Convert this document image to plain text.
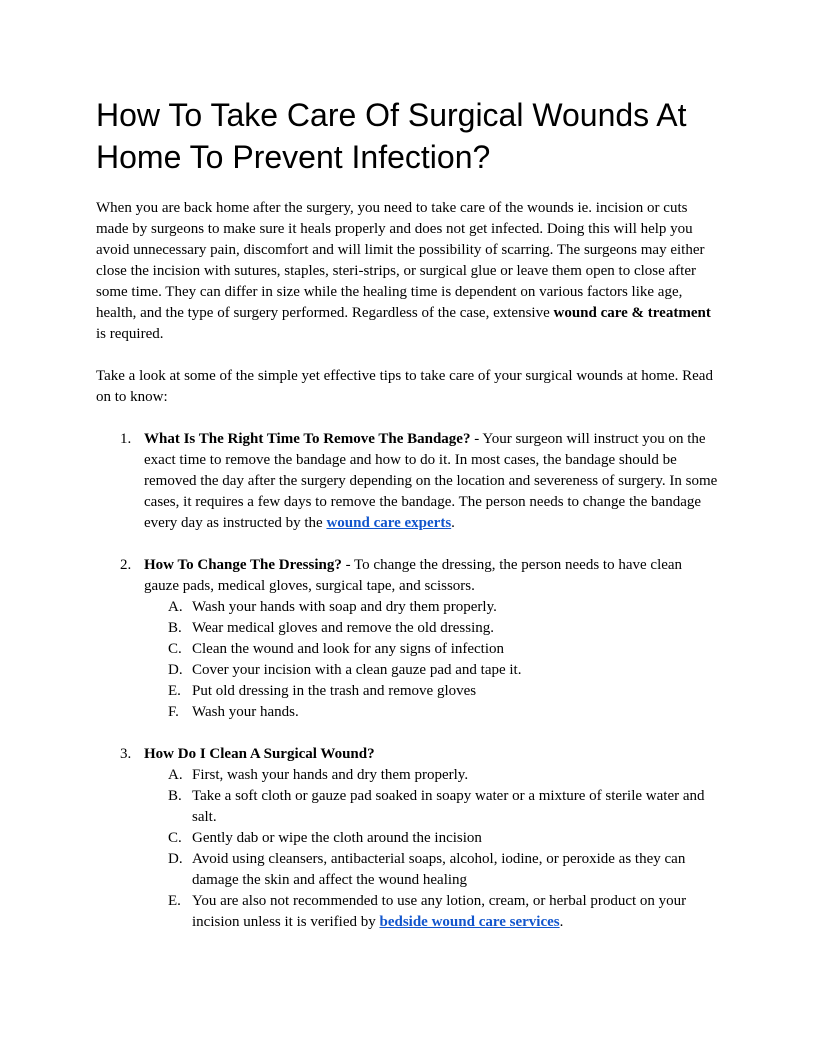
How To Take Care Of Surgical Wounds At Home To Prevent Infection?

When you are back home after the surgery, you need to take care of the wounds ie. incision or cuts made by surgeons to make sure it heals properly and does not get infected. Doing this will help you avoid unnecessary pain, discomfort and will limit the possibility of scarring. The surgeons may either close the incision with sutures, staples, steri-strips, or surgical glue or leave them open to close after some time. They can differ in size while the healing time is dependent on various factors like age, health, and the type of surgery performed. Regardless of the case, extensive wound care & treatment is required.

Take a look at some of the simple yet effective tips to take care of your surgical wounds at home. Read on to know:

1. What Is The Right Time To Remove The Bandage? - Your surgeon will instruct you on the exact time to remove the bandage and how to do it. In most cases, the bandage should be removed the day after the surgery depending on the location and severeness of surgery. In some cases, it requires a few days to remove the bandage. The person needs to change the bandage every day as instructed by the wound care experts.
2. How To Change The Dressing? - To change the dressing, the person needs to have clean gauze pads, medical gloves, surgical tape, and scissors.
A. Wash your hands with soap and dry them properly.
B. Wear medical gloves and remove the old dressing.
C. Clean the wound and look for any signs of infection
D. Cover your incision with a clean gauze pad and tape it.
E. Put old dressing in the trash and remove gloves
F. Wash your hands.
3. How Do I Clean A Surgical Wound?
A. First, wash your hands and dry them properly.
B. Take a soft cloth or gauze pad soaked in soapy water or a mixture of sterile water and salt.
C. Gently dab or wipe the cloth around the incision
D. Avoid using cleansers, antibacterial soaps, alcohol, iodine, or peroxide as they can damage the skin and affect the wound healing
E. You are also not recommended to use any lotion, cream, or herbal product on your incision unless it is verified by bedside wound care services.
